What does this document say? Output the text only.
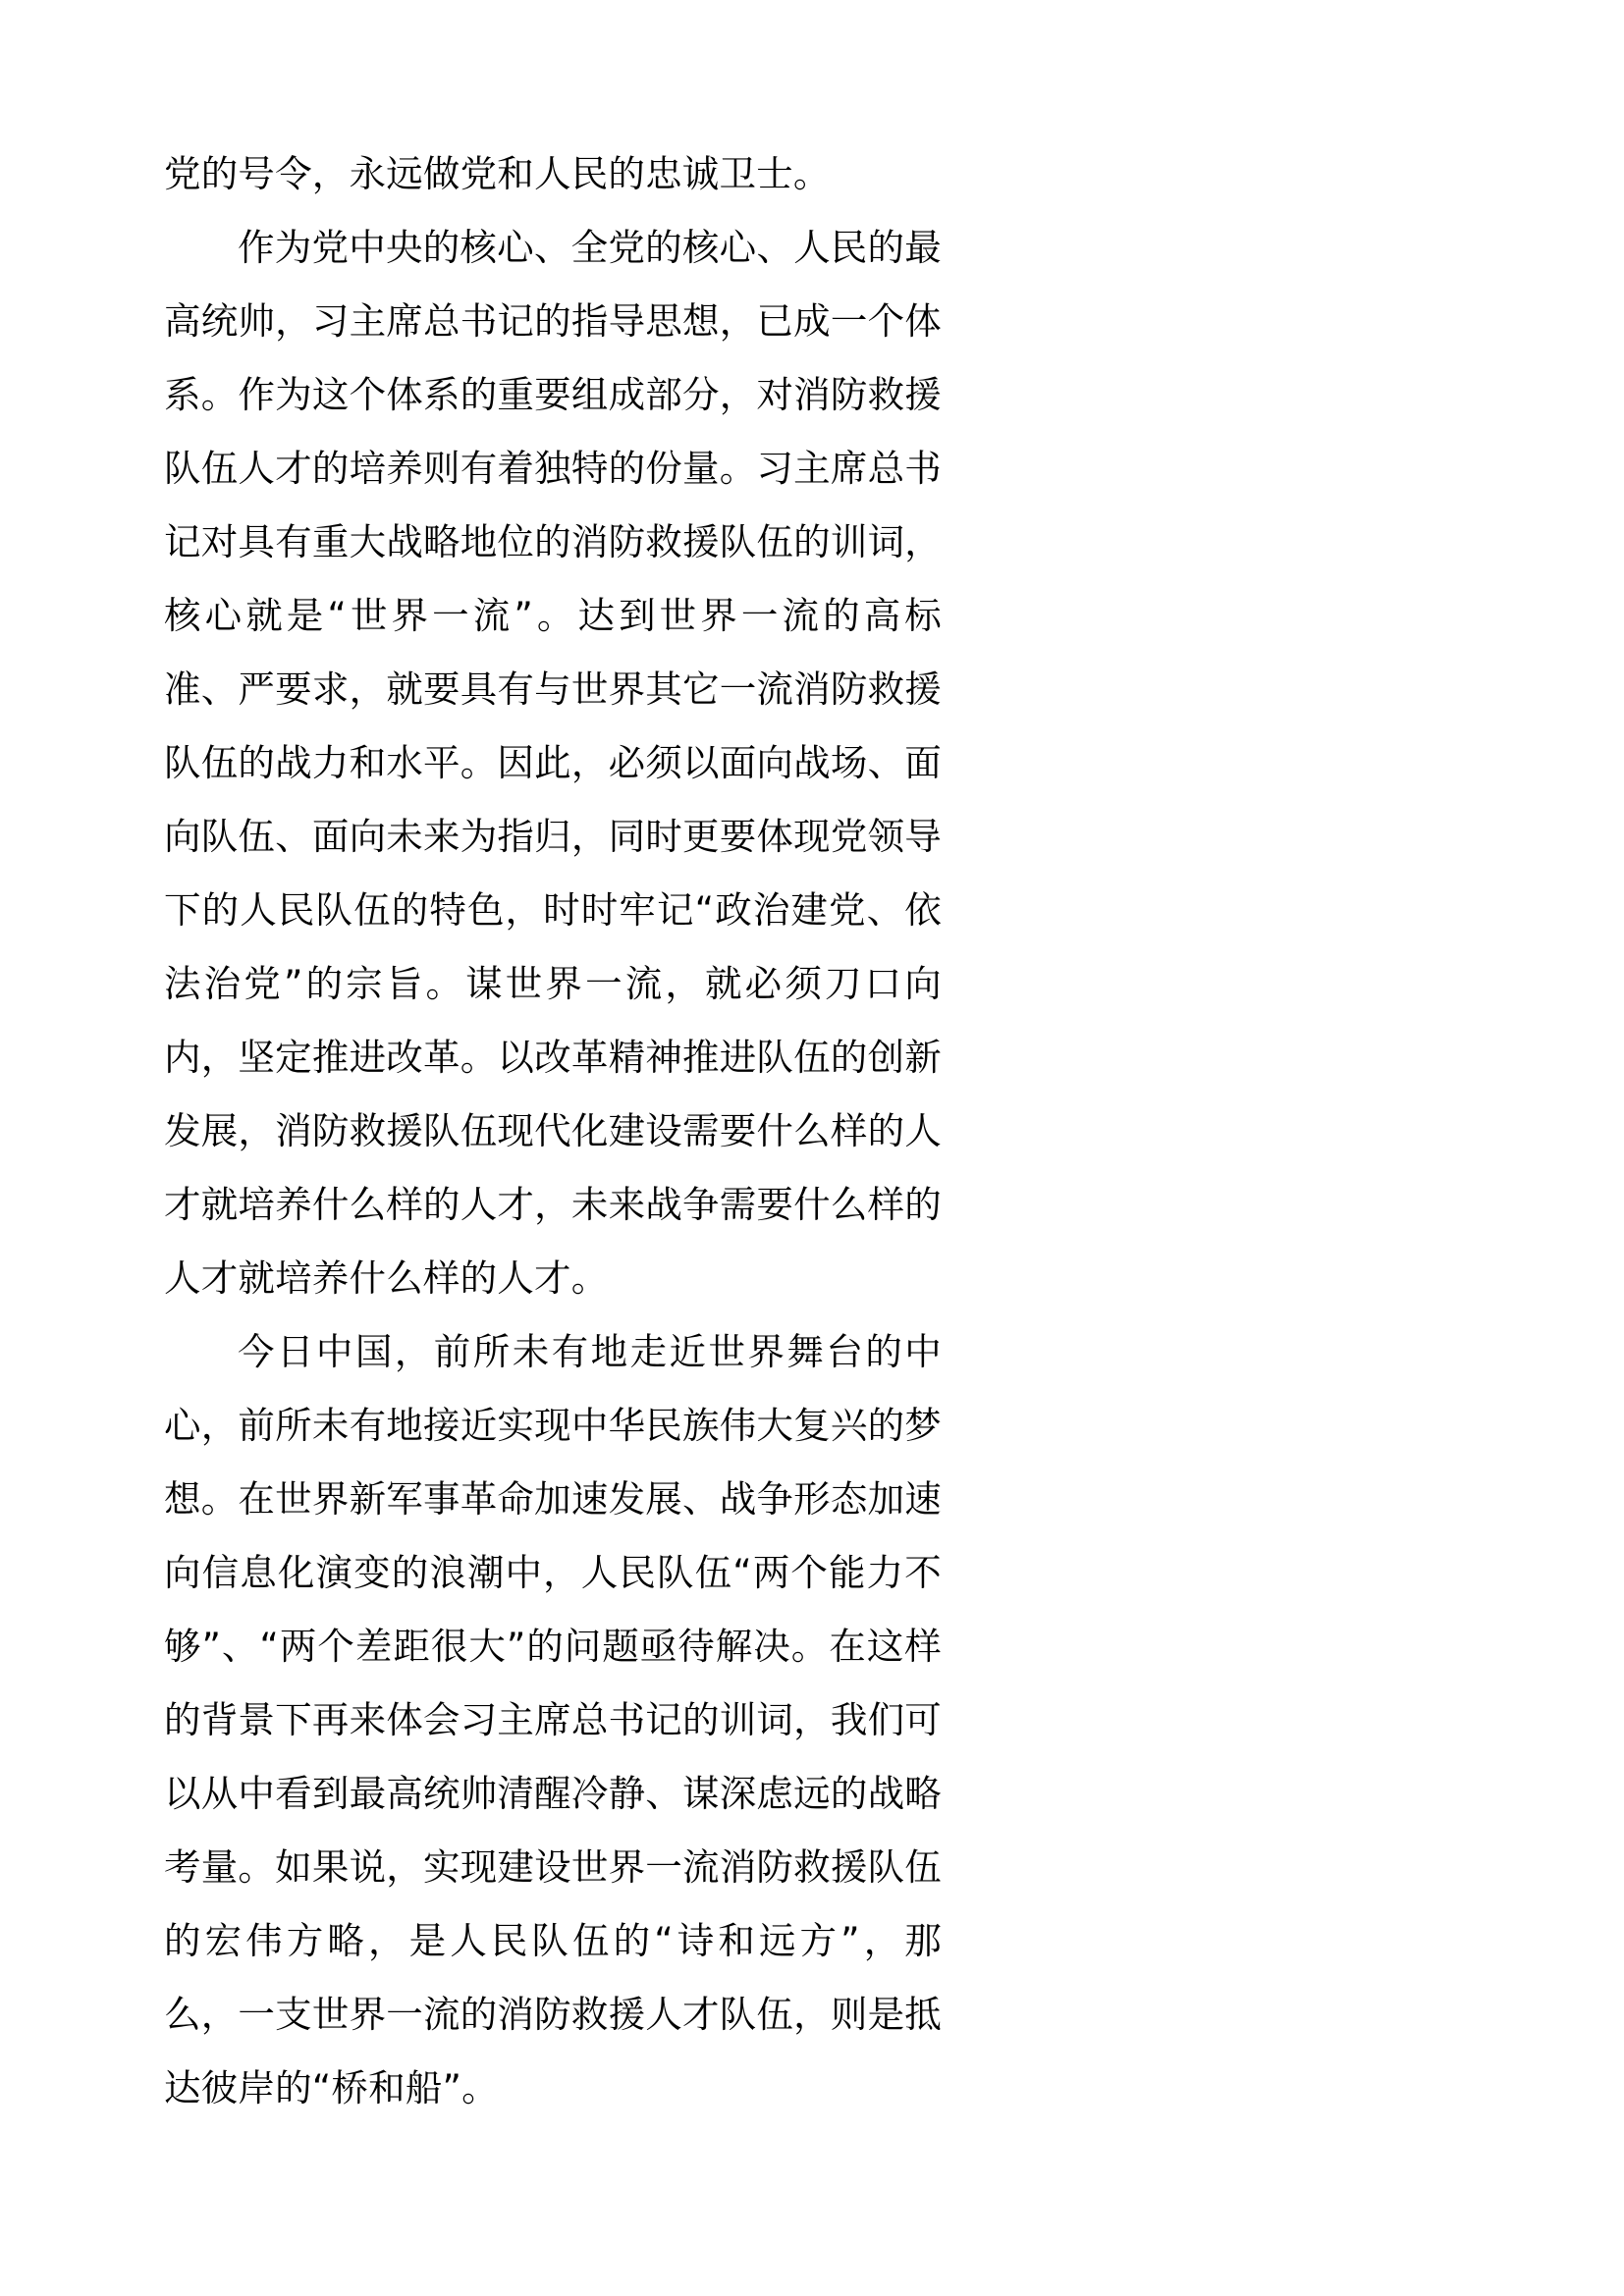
党的号令，永远做党和人民的忠诚卫士。

作为党中央的核心、全党的核心、人民的最高统帅，习主席总书记的指导思想，已成一个体系。作为这个体系的重要组成部分，对消防救援队伍人才的培养则有着独特的份量。习主席总书记对具有重大战略地位的消防救援队伍的训词，核心就是“世界一流”。达到世界一流的高标准、严要求，就要具有与世界其它一流消防救援队伍的战力和水平。因此，必须以面向战场、面向队伍、面向未来为指归，同时更要体现党领导下的人民队伍的特色，时时牢记“政治建党、依法治党”的宗旨。谋世界一流，就必须刀口向内，坚定推进改革。以改革精神推进队伍的创新发展，消防救援队伍现代化建设需要什么样的人才就培养什么样的人才，未来战争需要什么样的人才就培养什么样的人才。

今日中国，前所未有地走近世界舞台的中心，前所未有地接近实现中华民族伟大复兴的梦想。在世界新军事革命加速发展、战争形态加速向信息化演变的浪潮中，人民队伍“两个能力不够”、“两个差距很大”的问题亟待解决。在这样的背景下再来体会习主席总书记的训词，我们可以从中看到最高统帅清醒冷静、谋深虑远的战略考量。如果说，实现建设世界一流消防救援队伍的宏伟方略，是人民队伍的“诗和远方”，那么，一支世界一流的消防救援人才队伍，则是抵达彼岸的“桥和船”。
